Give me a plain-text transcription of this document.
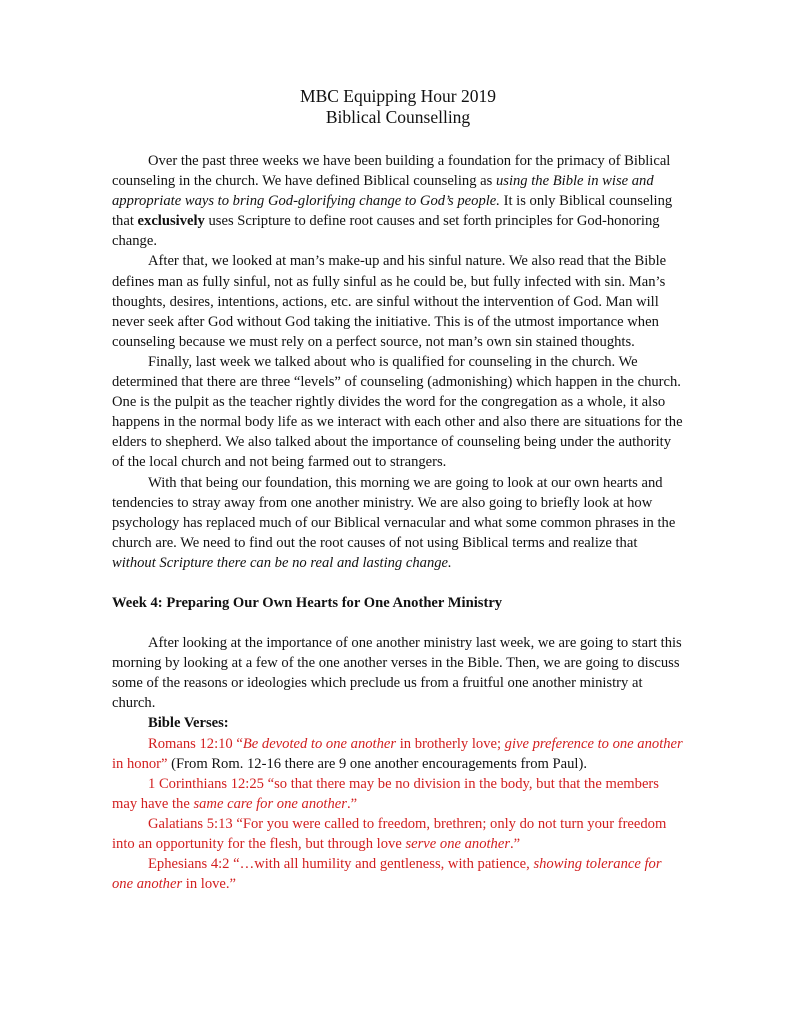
MBC Equipping Hour 2019
Biblical Counselling

Over the past three weeks we have been building a foundation for the primacy of Biblical counseling in the church. We have defined Biblical counseling as using the Bible in wise and appropriate ways to bring God-glorifying change to God’s people. It is only Biblical counseling that exclusively uses Scripture to define root causes and set forth principles for God-honoring change.

After that, we looked at man’s make-up and his sinful nature. We also read that the Bible defines man as fully sinful, not as fully sinful as he could be, but fully infected with sin. Man’s thoughts, desires, intentions, actions, etc. are sinful without the intervention of God. Man will never seek after God without God taking the initiative. This is of the utmost importance when counseling because we must rely on a perfect source, not man’s own sin stained thoughts.

Finally, last week we talked about who is qualified for counseling in the church. We determined that there are three “levels” of counseling (admonishing) which happen in the church. One is the pulpit as the teacher rightly divides the word for the congregation as a whole, it also happens in the normal body life as we interact with each other and also there are situations for the elders to shepherd. We also talked about the importance of counseling being under the authority of the local church and not being farmed out to strangers.

With that being our foundation, this morning we are going to look at our own hearts and tendencies to stray away from one another ministry. We are also going to briefly look at how psychology has replaced much of our Biblical vernacular and what some common phrases in the church are. We need to find out the root causes of not using Biblical terms and realize that without Scripture there can be no real and lasting change.

Week 4: Preparing Our Own Hearts for One Another Ministry

After looking at the importance of one another ministry last week, we are going to start this morning by looking at a few of the one another verses in the Bible. Then, we are going to discuss some of the reasons or ideologies which preclude us from a fruitful one another ministry at church.

Bible Verses:

Romans 12:10 “Be devoted to one another in brotherly love; give preference to one another in honor” (From Rom. 12-16 there are 9 one another encouragements from Paul).

1 Corinthians 12:25 “so that there may be no division in the body, but that the members may have the same care for one another.”

Galatians 5:13 “For you were called to freedom, brethren; only do not turn your freedom into an opportunity for the flesh, but through love serve one another.”

Ephesians 4:2 “…with all humility and gentleness, with patience, showing tolerance for one another in love.”
